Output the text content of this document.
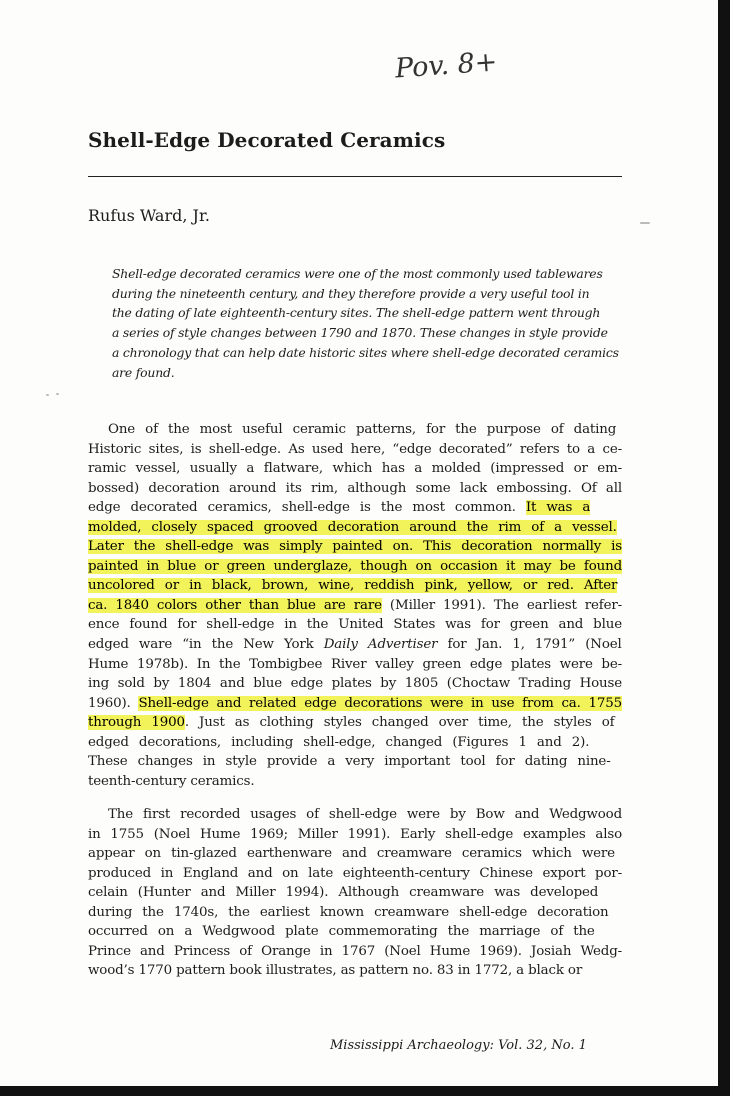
Pov. 8+
Shell-Edge Decorated Ceramics

Rufus Ward, Jr.

Shell-edge decorated ceramics were one of the most commonly used tablewares
during the nineteenth century, and they therefore provide a very useful tool in
the dating of late eighteenth-century sites. The shell-edge pattern went through
a series of style changes between 1790 and 1870. These changes in style provide
a chronology that can help date historic sites where shell-edge decorated ceramics
are found.
One of the most useful ceramic patterns, for the purpose of dating
Historic sites, is shell-edge. As used here, “edge decorated” refers to a ce-
ramic vessel, usually a flatware, which has a molded (impressed or em-
bossed) decoration around its rim, although some lack embossing. Of all
edge decorated ceramics, shell-edge is the most common. It was a
molded, closely spaced grooved decoration around the rim of a vessel.
Later the shell-edge was simply painted on. This decoration normally is
painted in blue or green underglaze, though on occasion it may be found
uncolored or in black, brown, wine, reddish pink, yellow, or red. After
ca. 1840 colors other than blue are rare (Miller 1991). The earliest refer-
ence found for shell-edge in the United States was for green and blue
edged ware “in the New York Daily Advertiser for Jan. 1, 1791” (Noel
Hume 1978b). In the Tombigbee River valley green edge plates were be-
ing sold by 1804 and blue edge plates by 1805 (Choctaw Trading House
1960). Shell-edge and related edge decorations were in use from ca. 1755
through 1900. Just as clothing styles changed over time, the styles of
edged decorations, including shell-edge, changed (Figures 1 and 2).
These changes in style provide a very important tool for dating nine-
teenth-century ceramics.
The first recorded usages of shell-edge were by Bow and Wedgwood
in 1755 (Noel Hume 1969; Miller 1991). Early shell-edge examples also
appear on tin-glazed earthenware and creamware ceramics which were
produced in England and on late eighteenth-century Chinese export por-
celain (Hunter and Miller 1994). Although creamware was developed
during the 1740s, the earliest known creamware shell-edge decoration
occurred on a Wedgwood plate commemorating the marriage of the
Prince and Princess of Orange in 1767 (Noel Hume 1969). Josiah Wedg-
wood’s 1770 pattern book illustrates, as pattern no. 83 in 1772, a black or

Mississippi Archaeology: Vol. 32, No. 1
